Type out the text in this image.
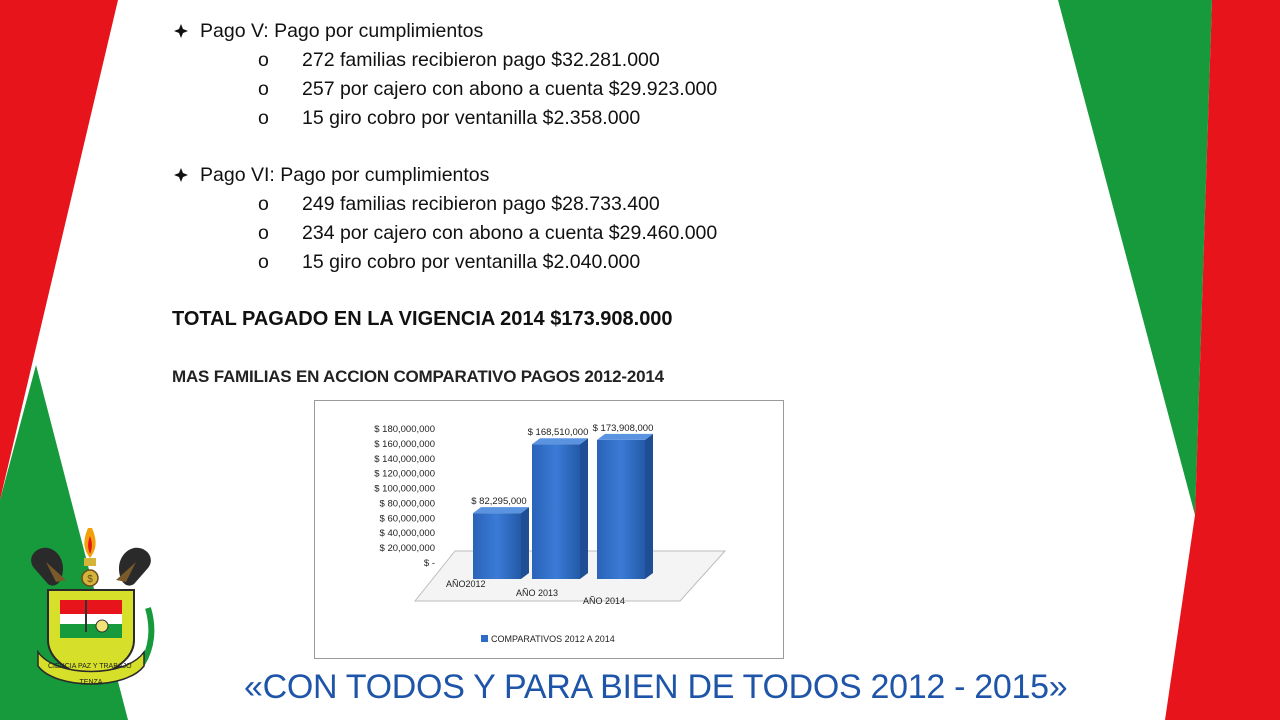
Pago V: Pago por cumplimientos
o 272 familias recibieron pago $32.281.000
o 257 por cajero con abono a cuenta $29.923.000
o 15 giro cobro por ventanilla $2.358.000
Pago VI: Pago por cumplimientos
o 249 familias recibieron pago $28.733.400
o 234 por cajero con abono a cuenta $29.460.000
o 15 giro cobro por ventanilla $2.040.000
TOTAL PAGADO EN LA VIGENCIA 2014 $173.908.000
MAS FAMILIAS EN ACCION COMPARATIVO PAGOS 2012-2014
$ -
$ 20,000,000
$ 40,000,000
$ 60,000,000
$ 80,000,000
$ 100,000,000
$ 120,000,000
$ 140,000,000
$ 160,000,000
$ 180,000,000
$ 82,295,000
$ 168,510,000 $ 173,908,000
AÑO2012
AÑO 2013
AÑO 2014
COMPARATIVOS 2012 A 2014
$
CIENCIA PAZ Y TRABAJO
TENZA	«CON TODOS Y PARA BIEN DE TODOS 2012 - 2015»
